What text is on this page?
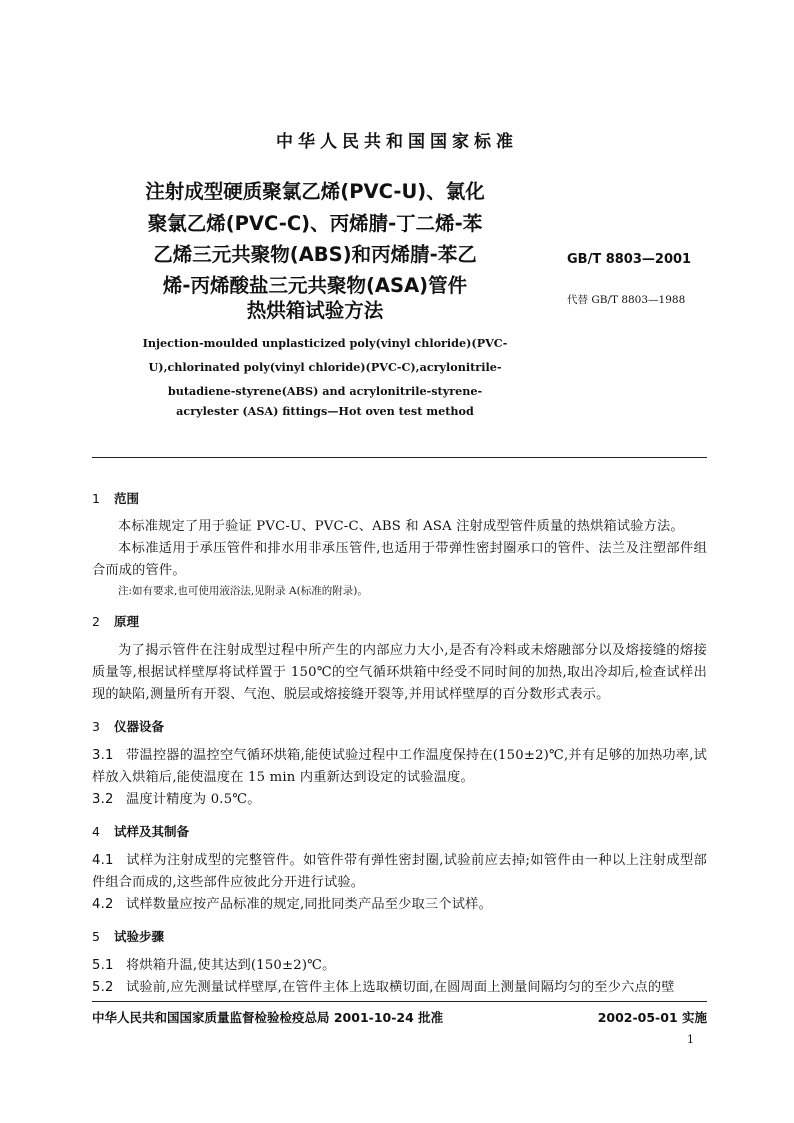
中华人民共和国国家标准
注射成型硬质聚氯乙烯(PVC-U)、氯化
聚氯乙烯(PVC-C)、丙烯腈-丁二烯-苯
乙烯三元共聚物(ABS)和丙烯腈-苯乙
烯-丙烯酸盐三元共聚物(ASA)管件
热烘箱试验方法
GB/T 8803—2001
代替 GB/T 8803—1988
Injection-moulded unplasticized poly(vinyl chloride)(PVC-
U),chlorinated poly(vinyl chloride)(PVC-C),acrylonitrile-
butadiene-styrene(ABS) and acrylonitrile-styrene-
acrylester (ASA) fittings—Hot oven test method
1 范围
本标准规定了用于验证 PVC-U、PVC-C、ABS 和 ASA 注射成型管件质量的热烘箱试验方法。
本标准适用于承压管件和排水用非承压管件,也适用于带弹性密封圈承口的管件、法兰及注塑部件组合而成的管件。
注:如有要求,也可使用液浴法,见附录 A(标准的附录)。
2 原理
为了揭示管件在注射成型过程中所产生的内部应力大小,是否有冷料或未熔融部分以及熔接缝的熔接质量等,根据试样壁厚将试样置于 150℃的空气循环烘箱中经受不同时间的加热,取出冷却后,检查试样出现的缺陷,测量所有开裂、气泡、脱层或熔接缝开裂等,并用试样壁厚的百分数形式表示。
3 仪器设备
3.1 带温控器的温控空气循环烘箱,能使试验过程中工作温度保持在(150±2)℃,并有足够的加热功率,试样放入烘箱后,能使温度在 15 min 内重新达到设定的试验温度。
3.2 温度计精度为 0.5℃。
4 试样及其制备
4.1 试样为注射成型的完整管件。如管件带有弹性密封圈,试验前应去掉;如管件由一种以上注射成型部件组合而成的,这些部件应彼此分开进行试验。
4.2 试样数量应按产品标准的规定,同批同类产品至少取三个试样。
5 试验步骤
5.1 将烘箱升温,使其达到(150±2)℃。
5.2 试验前,应先测量试样壁厚,在管件主体上选取横切面,在圆周面上测量间隔均匀的至少六点的壁
中华人民共和国国家质量监督检验检疫总局 2001-10-24 批准	2002-05-01 实施
1
